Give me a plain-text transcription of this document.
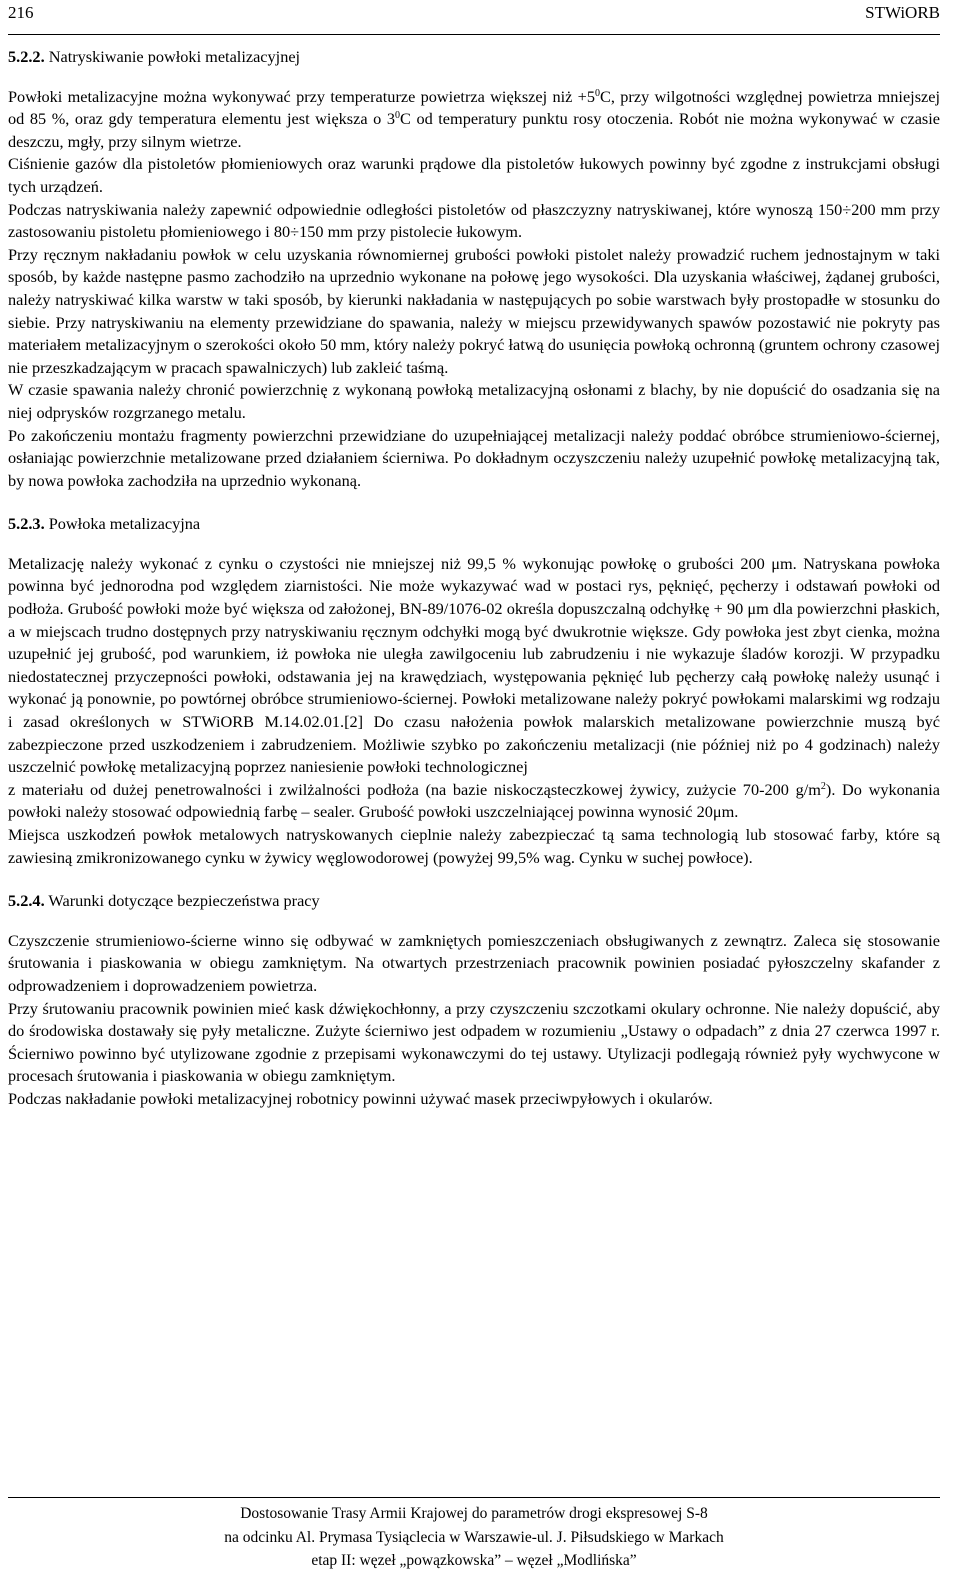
216	STWiORB
5.2.2. Natryskiwanie powłoki metalizacyjnej

Powłoki metalizacyjne można wykonywać przy temperaturze powietrza większej niż $+5^0C$, przy wilgotności względnej powietrza mniejszej od 85 %, oraz gdy temperatura elementu jest większa o $3^0C$ od temperatury punktu rosy otoczenia. Robót nie można wykonywać w czasie deszczu, mgły, przy silnym wietrze.

Ciśnienie gazów dla pistoletów płomieniowych oraz warunki prądowe dla pistoletów łukowych powinny być zgodne z instrukcjami obsługi tych urządzeń.

Podczas natryskiwania należy zapewnić odpowiednie odległości pistoletów od płaszczyzny natryskiwanej, które wynoszą 150÷200 mm przy zastosowaniu pistoletu płomieniowego i 80÷150 mm przy pistolecie łukowym.

Przy ręcznym nakładaniu powłok w celu uzyskania równomiernej grubości powłoki pistolet należy prowadzić ruchem jednostajnym w taki sposób, by każde następne pasmo zachodziło na uprzednio wykonane na połowę jego wysokości. Dla uzyskania właściwej, żądanej grubości, należy natryskiwać kilka warstw w taki sposób, by kierunki nakładania w następujących po sobie warstwach były prostopadłe w stosunku do siebie. Przy natryskiwaniu na elementy przewidziane do spawania, należy w miejscu przewidywanych spawów pozostawić nie pokryty pas materiałem metalizacyjnym o szerokości około 50 mm, który należy pokryć łatwą do usunięcia powłoką ochronną (gruntem ochrony czasowej nie przeszkadzającym w pracach spawalniczych) lub zakleić taśmą.

W czasie spawania należy chronić powierzchnię z wykonaną powłoką metalizacyjną osłonami z blachy, by nie dopuścić do osadzania się na niej odprysków rozgrzanego metalu.

Po zakończeniu montażu fragmenty powierzchni przewidziane do uzupełniającej metalizacji należy poddać obróbce strumieniowo-ściernej, osłaniając powierzchnie metalizowane przed działaniem ścierniwa. Po dokładnym oczyszczeniu należy uzupełnić powłokę metalizacyjną tak, by nowa powłoka zachodziła na uprzednio wykonaną.

5.2.3. Powłoka metalizacyjna

Metalizację należy wykonać z cynku o czystości nie mniejszej niż 99,5 % wykonując powłokę o grubości 200 μm. Natryskana powłoka powinna być jednorodna pod względem ziarnistości. Nie może wykazywać wad w postaci rys, pęknięć, pęcherzy i odstawań powłoki od podłoża. Grubość powłoki może być większa od założonej, BN-89/1076-02 określa dopuszczalną odchyłkę + 90 μm dla powierzchni płaskich, a w miejscach trudno dostępnych przy natryskiwaniu ręcznym odchyłki mogą być dwukrotnie większe. Gdy powłoka jest zbyt cienka, można uzupełnić jej grubość, pod warunkiem, iż powłoka nie uległa zawilgoceniu lub zabrudzeniu i nie wykazuje śladów korozji. W przypadku niedostatecznej przyczepności powłoki, odstawania jej na krawędziach, występowania pęknięć lub pęcherzy całą powłokę należy usunąć i wykonać ją ponownie, po powtórnej obróbce strumieniowo-ściernej. Powłoki metalizowane należy pokryć powłokami malarskimi wg rodzaju i zasad określonych w STWiORB M.14.02.01.[2] Do czasu nałożenia powłok malarskich metalizowane powierzchnie muszą być zabezpieczone przed uszkodzeniem i zabrudzeniem. Możliwie szybko po zakończeniu metalizacji (nie później niż po 4 godzinach) należy uszczelnić powłokę metalizacyjną poprzez naniesienie powłoki technologicznej

z materiału od dużej penetrowalności i zwilżalności podłoża (na bazie niskocząsteczkowej żywicy, zużycie 70-200 $g/m^2$). Do wykonania powłoki należy stosować odpowiednią farbę – sealer. Grubość powłoki uszczelniającej powinna wynosić 20μm.

Miejsca uszkodzeń powłok metalowych natryskowanych cieplnie należy zabezpieczać tą sama technologią lub stosować farby, które są zawiesiną zmikronizowanego cynku w żywicy węglowodorowej (powyżej 99,5% wag. Cynku w suchej powłoce).

5.2.4. Warunki dotyczące bezpieczeństwa pracy

Czyszczenie strumieniowo-ścierne winno się odbywać w zamkniętych pomieszczeniach obsługiwanych z zewnątrz. Zaleca się stosowanie śrutowania i piaskowania w obiegu zamkniętym. Na otwartych przestrzeniach pracownik powinien posiadać pyłoszczelny skafander z odprowadzeniem i doprowadzeniem powietrza.

Przy śrutowaniu pracownik powinien mieć kask dźwiękochłonny, a przy czyszczeniu szczotkami okulary ochronne. Nie należy dopuścić, aby do środowiska dostawały się pyły metaliczne. Zużyte ściernіwo jest odpadem w rozumieniu „Ustawy o odpadach” z dnia 27 czerwca 1997 r. Ściernіwo powinno być utylizowane zgodnie z przepisami wykonawczymi do tej ustawy. Utylizacji podlegają również pyły wychwycone w procesach śrutowania i piaskowania w obiegu zamkniętym.

Podczas nakładanie powłoki metalizacyjnej robotnicy powinni używać masek przeciwpyłowych i okularów.

Dostosowanie Trasy Armii Krajowej do parametrów drogi ekspresowej S-8
na odcinku Al. Prymasa Tysiąclecia w Warszawie-ul. J. Piłsudskiego w Markach
etap II: węzeł „powązkowska” – węzeł „Modlińska”
